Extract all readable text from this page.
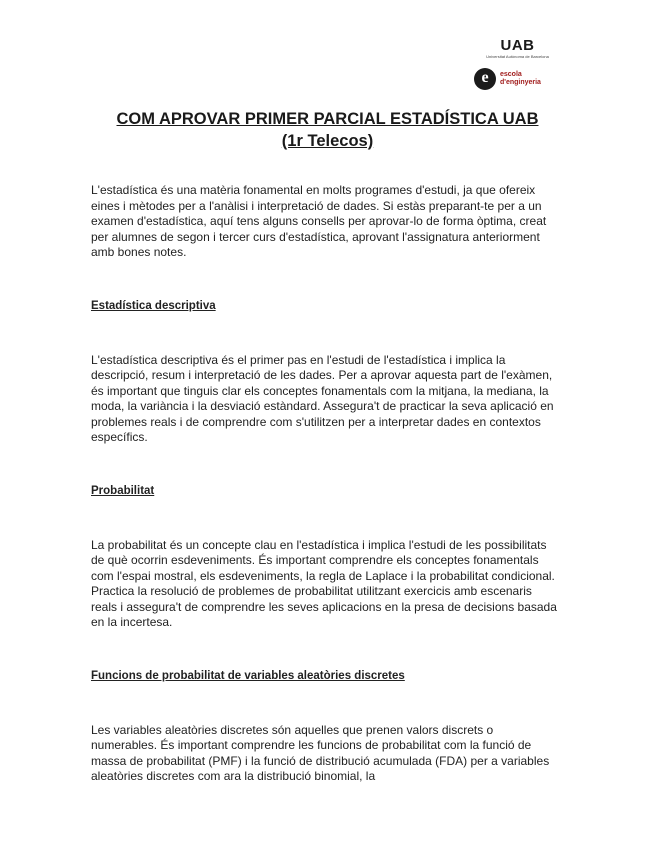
UAB
Universitat Autònoma de Barcelona
e	escola
d'enginyeria
COM APROVAR PRIMER PARCIAL ESTADÍSTICA UAB
(1r Telecos)

L'estadística és una matèria fonamental en molts programes d'estudi, ja que ofereix eines i mètodes per a l'anàlisi i interpretació de dades. Si estàs preparant-te per a un examen d'estadística, aquí tens alguns consells per aprovar-lo de forma òptima, creat per alumnes de segon i tercer curs d'estadística, aprovant l'assignatura anteriorment amb bones notes.

Estadística descriptiva

L'estadística descriptiva és el primer pas en l'estudi de l'estadística i implica la descripció, resum i interpretació de les dades. Per a aprovar aquesta part de l'exàmen, és important que tinguis clar els conceptes fonamentals com la mitjana, la mediana, la moda, la variància i la desviació estàndard. Assegura't de practicar la seva aplicació en problemes reals i de comprendre com s'utilitzen per a interpretar dades en contextos específics.

Probabilitat

La probabilitat és un concepte clau en l'estadística i implica l'estudi de les possibilitats de què ocorrin esdeveniments. És important comprendre els conceptes fonamentals com l'espai mostral, els esdeveniments, la regla de Laplace i la probabilitat condicional. Practica la resolució de problemes de probabilitat utilitzant exercicis amb escenaris reals i assegura't de comprendre les seves aplicacions en la presa de decisions basada en la incertesa.

Funcions de probabilitat de variables aleatòries discretes

Les variables aleatòries discretes són aquelles que prenen valors discrets o numerables. És important comprendre les funcions de probabilitat com la funció de massa de probabilitat (PMF) i la funció de distribució acumulada (FDA) per a variables aleatòries discretes com ara la distribució binomial, la
